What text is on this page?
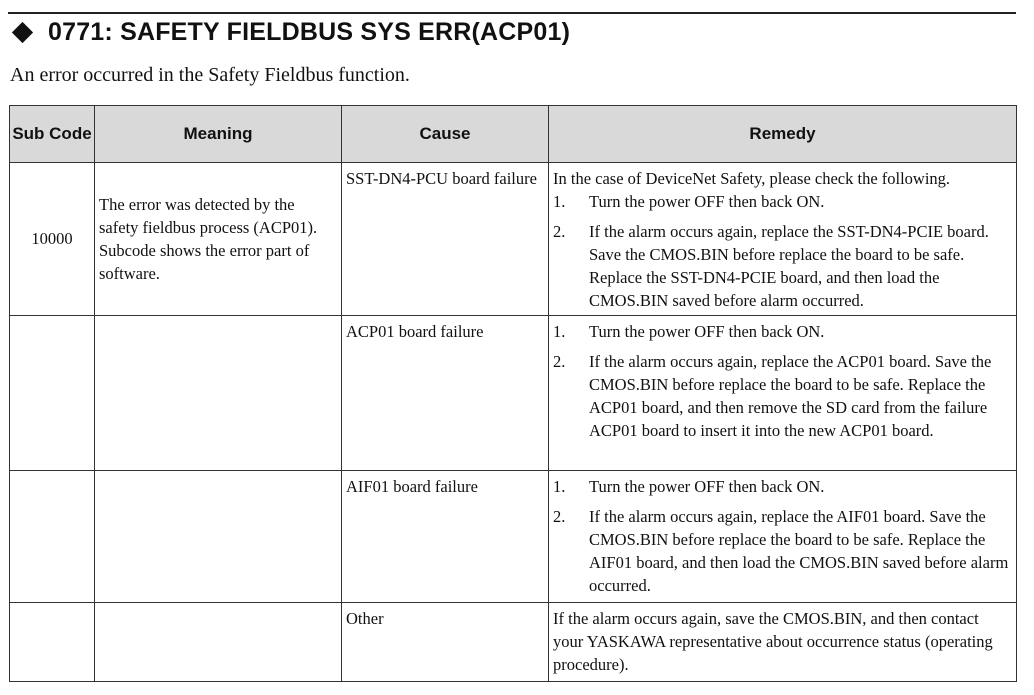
0771: SAFETY FIELDBUS SYS ERR(ACP01)
An error occurred in the Safety Fieldbus function.
Sub Code	Meaning	Cause	Remedy
10000	The error was detected by the safety fieldbus process (ACP01). Subcode shows the error part of software.	SST-DN4-PCU board failure	In the case of DeviceNet Safety, please check the following.
1. Turn the power OFF then back ON.
2. If the alarm occurs again, replace the SST-DN4-PCIE board. Save the CMOS.BIN before replace the board to be safe. Replace the SST-DN4-PCIE board, and then load the CMOS.BIN saved before alarm occurred.

		ACP01 board failure	1. Turn the power OFF then back ON.
2. If the alarm occurs again, replace the ACP01 board. Save the CMOS.BIN before replace the board to be safe. Replace the ACP01 board, and then remove the SD card from the failure ACP01 board to insert it into the new ACP01 board.

		AIF01 board failure	1. Turn the power OFF then back ON.
2. If the alarm occurs again, replace the AIF01 board. Save the CMOS.BIN before replace the board to be safe. Replace the AIF01 board, and then load the CMOS.BIN saved before alarm occurred.

		Other	If the alarm occurs again, save the CMOS.BIN, and then contact your YASKAWA representative about occurrence status (operating procedure).
